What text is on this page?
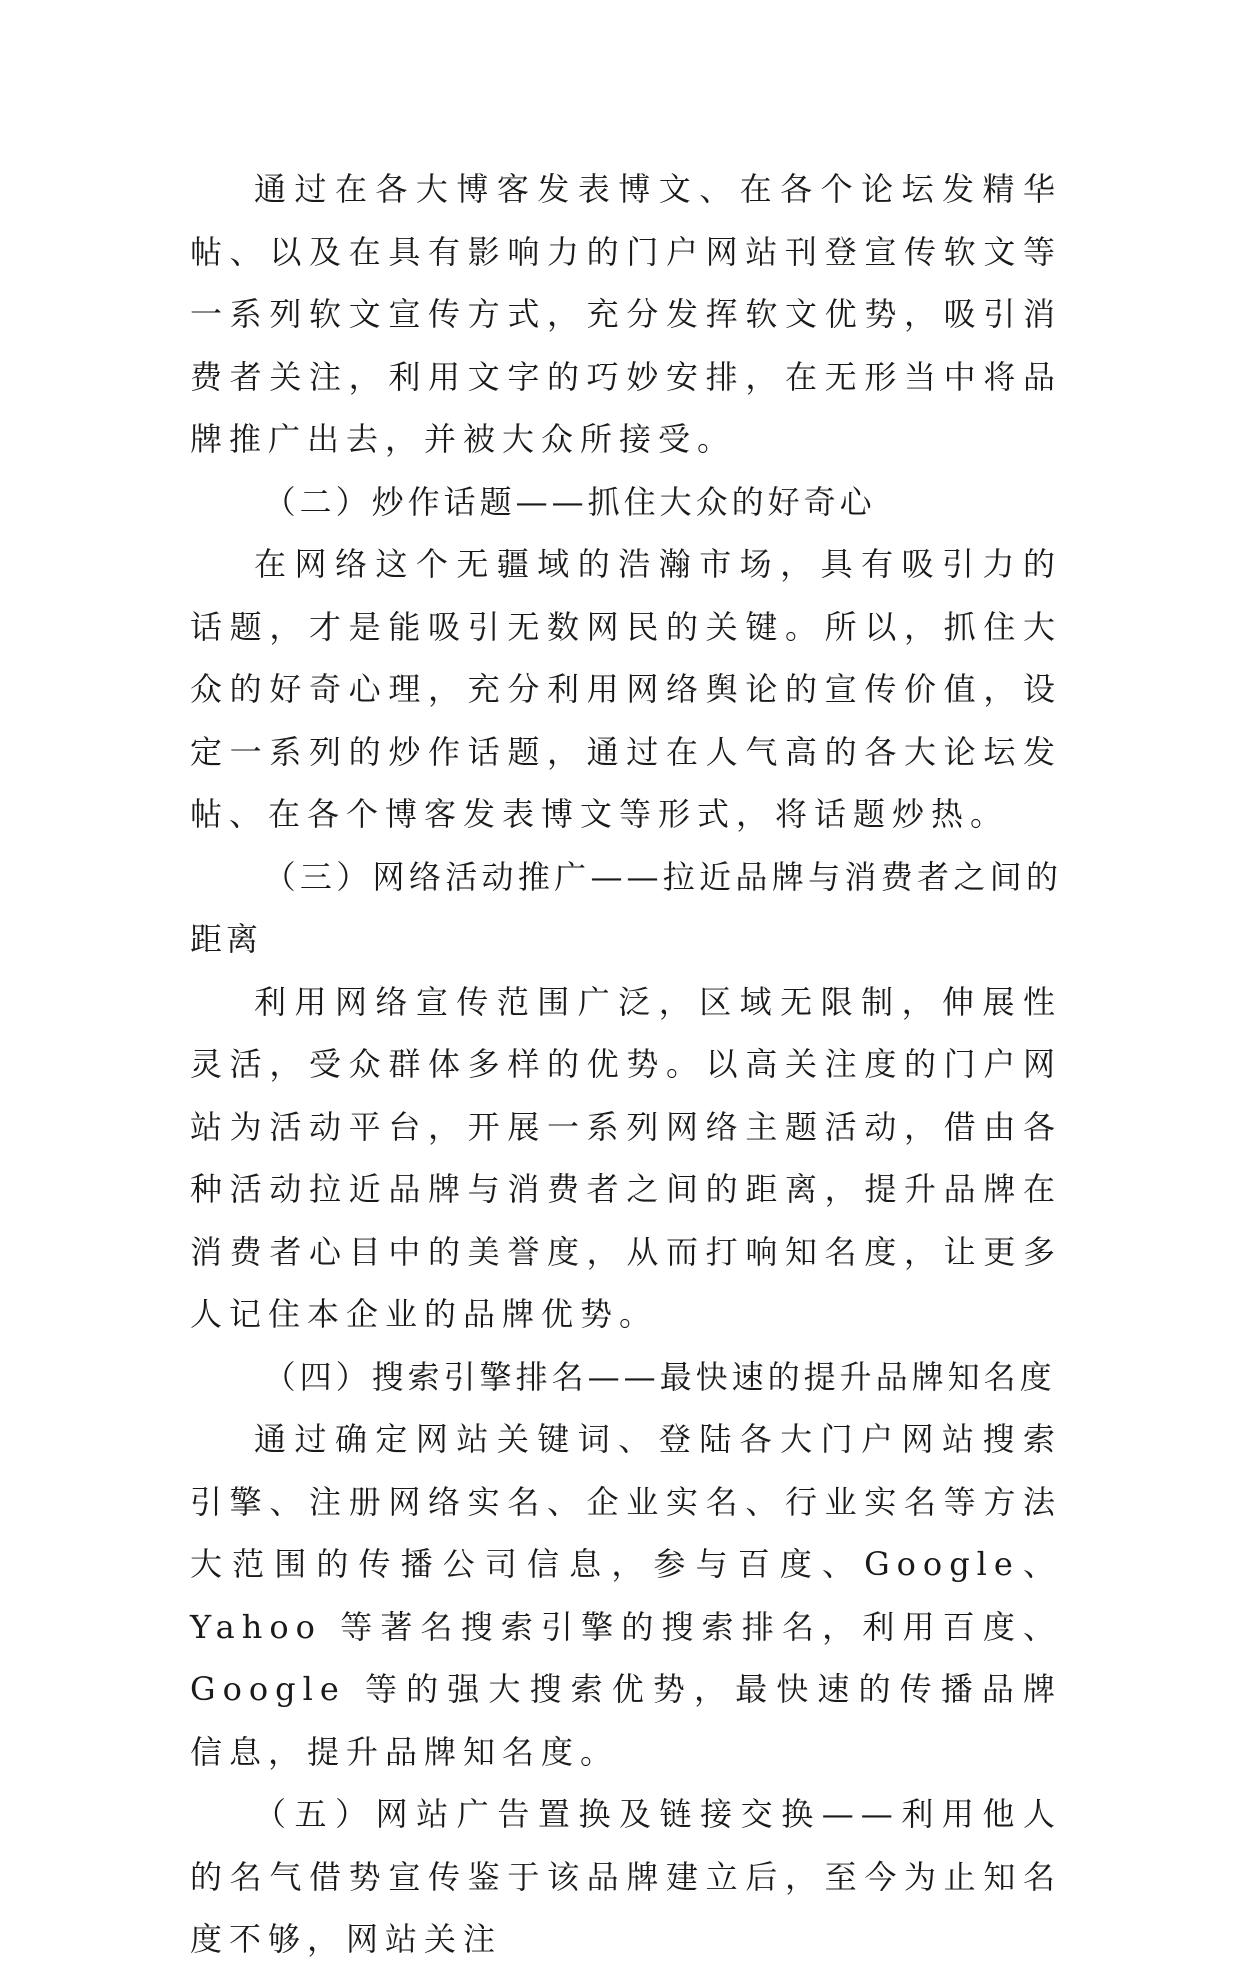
通过在各大博客发表博文、在各个论坛发精华帖、以及在具有影响力的门户网站刊登宣传软文等一系列软文宣传方式，充分发挥软文优势，吸引消费者关注，利用文字的巧妙安排，在无形当中将品牌推广出去，并被大众所接受。

（二）炒作话题——抓住大众的好奇心

在网络这个无疆域的浩瀚市场，具有吸引力的话题，才是能吸引无数网民的关键。所以，抓住大众的好奇心理，充分利用网络舆论的宣传价值，设定一系列的炒作话题，通过在人气高的各大论坛发帖、在各个博客发表博文等形式，将话题炒热。

（三）网络活动推广——拉近品牌与消费者之间的距离

利用网络宣传范围广泛，区域无限制，伸展性灵活，受众群体多样的优势。以高关注度的门户网站为活动平台，开展一系列网络主题活动，借由各种活动拉近品牌与消费者之间的距离，提升品牌在消费者心目中的美誉度，从而打响知名度，让更多人记住本企业的品牌优势。

（四）搜索引擎排名——最快速的提升品牌知名度

通过确定网站关键词、登陆各大门户网站搜索引擎、注册网络实名、企业实名、行业实名等方法大范围的传播公司信息，参与百度、Google、Yahoo 等著名搜索引擎的搜索排名，利用百度、Google 等的强大搜索优势，最快速的传播品牌信息，提升品牌知名度。

（五）网站广告置换及链接交换——利用他人的名气借势宣传鉴于该品牌建立后，至今为止知名度不够，网站关注
